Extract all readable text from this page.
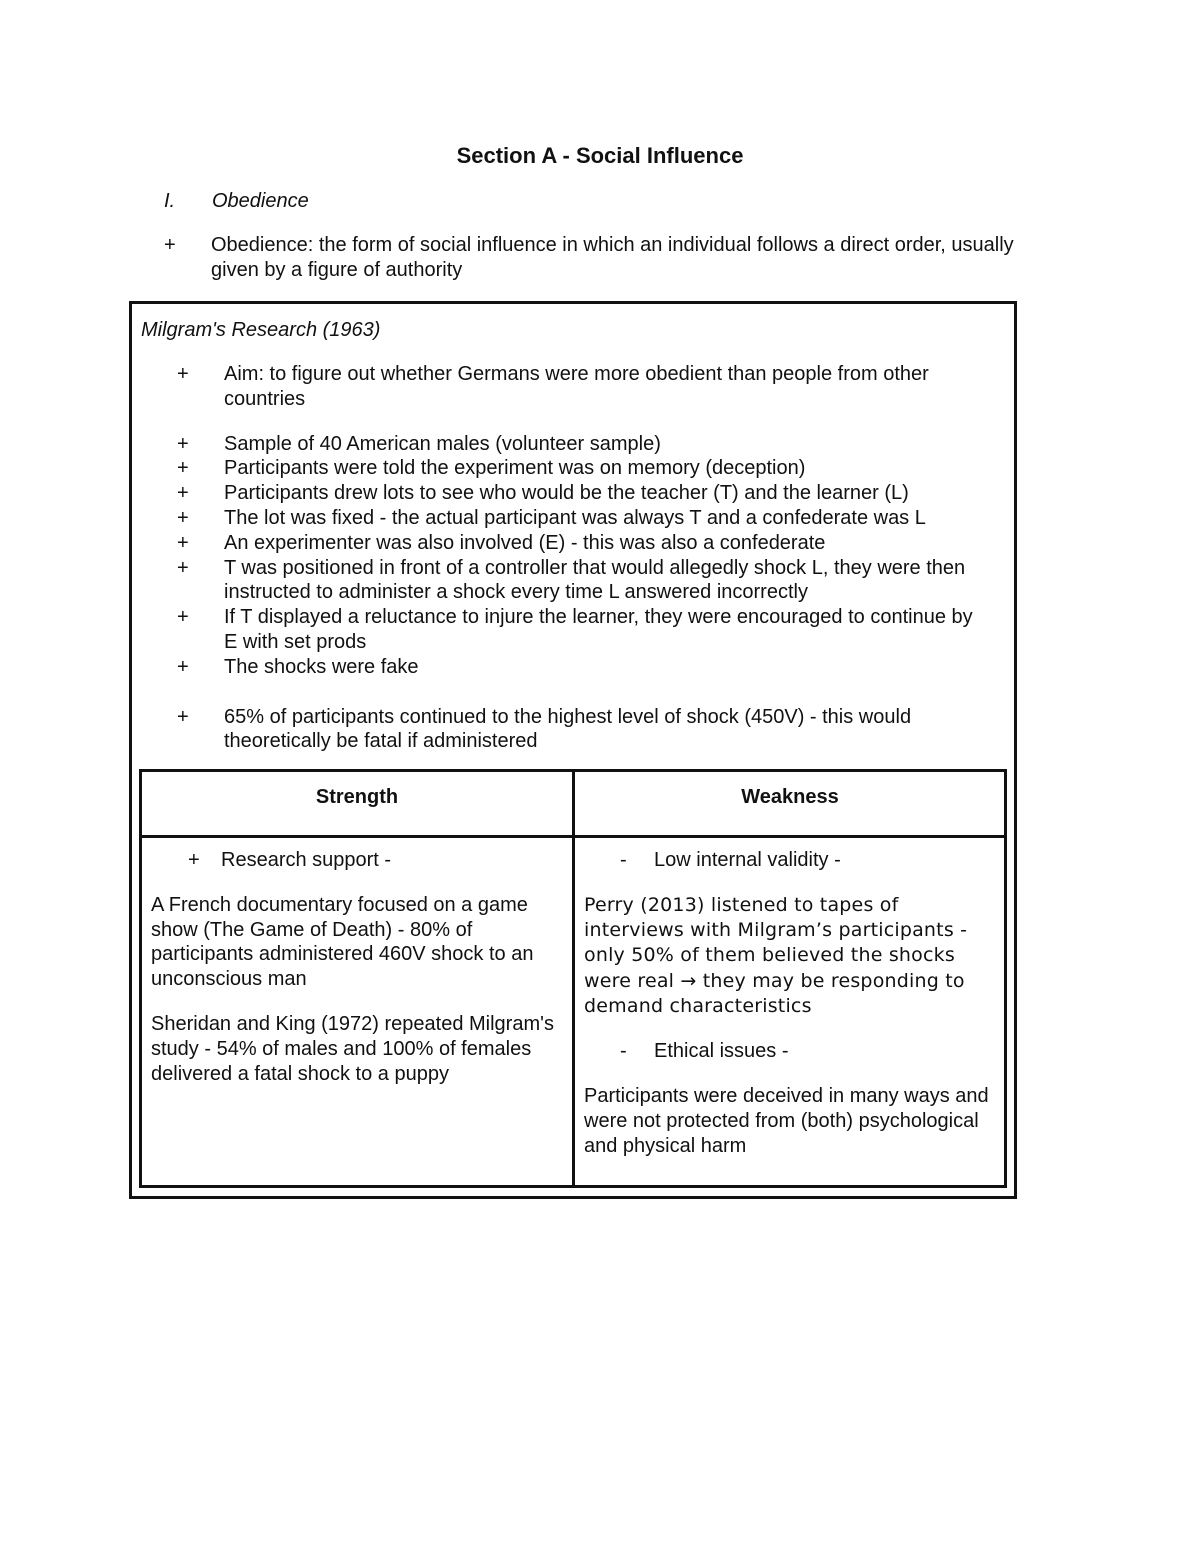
Section A - Social Influence
I. Obedience
+ Obedience: the form of social influence in which an individual follows a direct order, usually given by a figure of authority
Milgram's Research (1963)
+ Aim: to figure out whether Germans were more obedient than people from other countries
+ Sample of 40 American males (volunteer sample)
+ Participants were told the experiment was on memory (deception)
+ Participants drew lots to see who would be the teacher (T) and the learner (L)
+ The lot was fixed - the actual participant was always T and a confederate was L
+ An experimenter was also involved (E) - this was also a confederate
+ T was positioned in front of a controller that would allegedly shock L, they were then instructed to administer a shock every time L answered incorrectly
+ If T displayed a reluctance to injure the learner, they were encouraged to continue by E with set prods
+ The shocks were fake
+ 65% of participants continued to the highest level of shock (450V) - this would theoretically be fatal if administered
Strength	Weakness
+ Research support -
A French documentary focused on a game show (The Game of Death) - 80% of participants administered 460V shock to an unconscious man
Sheridan and King (1972) repeated Milgram's study - 54% of males and 100% of females delivered a fatal shock to a puppy
- Low internal validity -
Perry (2013) listened to tapes of interviews with Milgram’s participants - only 50% of them believed the shocks were real → they may be responding to demand characteristics
- Ethical issues -
Participants were deceived in many ways and were not protected from (both) psychological and physical harm
